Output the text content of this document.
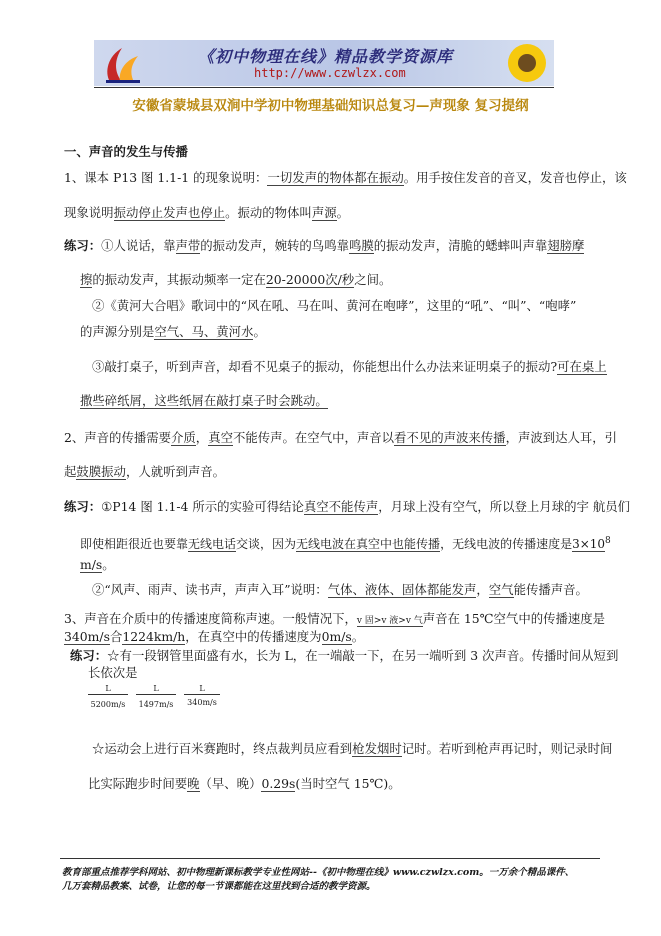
《初中物理在线》精品教学资源库
http://www.czwlzx.com
安徽省蒙城县双涧中学初中物理基础知识总复习—声现象 复习提纲
一、声音的发生与传播
1、课本 P13 图 1.1-1 的现象说明：一切发声的物体都在振动。用手按住发音的音叉，发音也停止，该
现象说明振动停止发声也停止。振动的物体叫声源。
练习：①人说话，靠声带的振动发声，婉转的鸟鸣靠鸣膜的振动发声，清脆的蟋蟀叫声靠翅膀摩
擦的振动发声，其振动频率一定在20-20000次/秒之间。
②《黄河大合唱》歌词中的“风在吼、马在叫、黄河在咆哮”，这里的“吼”、“叫”、“咆哮”
的声源分别是空气、马、黄河水。
③敲打桌子，听到声音，却看不见桌子的振动，你能想出什么办法来证明桌子的振动?可在桌上
撒些碎纸屑，这些纸屑在敲打桌子时会跳动。
2、声音的传播需要介质，真空不能传声。在空气中，声音以看不见的声波来传播，声波到达人耳，引
起鼓膜振动，人就听到声音。
练习：①P14 图 1.1-4 所示的实验可得结论真空不能传声，月球上没有空气，所以登上月球的宇 航员们
即使相距很近也要靠无线电话交谈，因为无线电波在真空中也能传播，无线电波的传播速度是$3\times 10^8$
m/s。
②“风声、雨声、读书声，声声入耳”说明：气体、液体、固体都能发声，空气能传播声音。
3、声音在介质中的传播速度简称声速。一般情况下，v 固>v 液>v 气声音在 15℃空气中的传播速度是
340m/s合1224km/h，在真空中的传播速度为0m/s。
练习：☆有一段钢管里面盛有水，长为 L，在一端敲一下，在另一端听到 3 次声音。传播时间从短到
长依次是
L
5200m/s
L
1497m/s
L
340m/s
☆运动会上进行百米赛跑时，终点裁判员应看到枪发烟时记时。若听到枪声再记时，则记录时间
比实际跑步时间要晚（早、晚）0.29s(当时空气 15℃)。
教育部重点推荐学科网站、初中物理新课标教学专业性网站--《初中物理在线》www.czwlzx.com。一万余个精品课件、
几万套精品教案、试卷，让您的每一节课都能在这里找到合适的教学资源。
